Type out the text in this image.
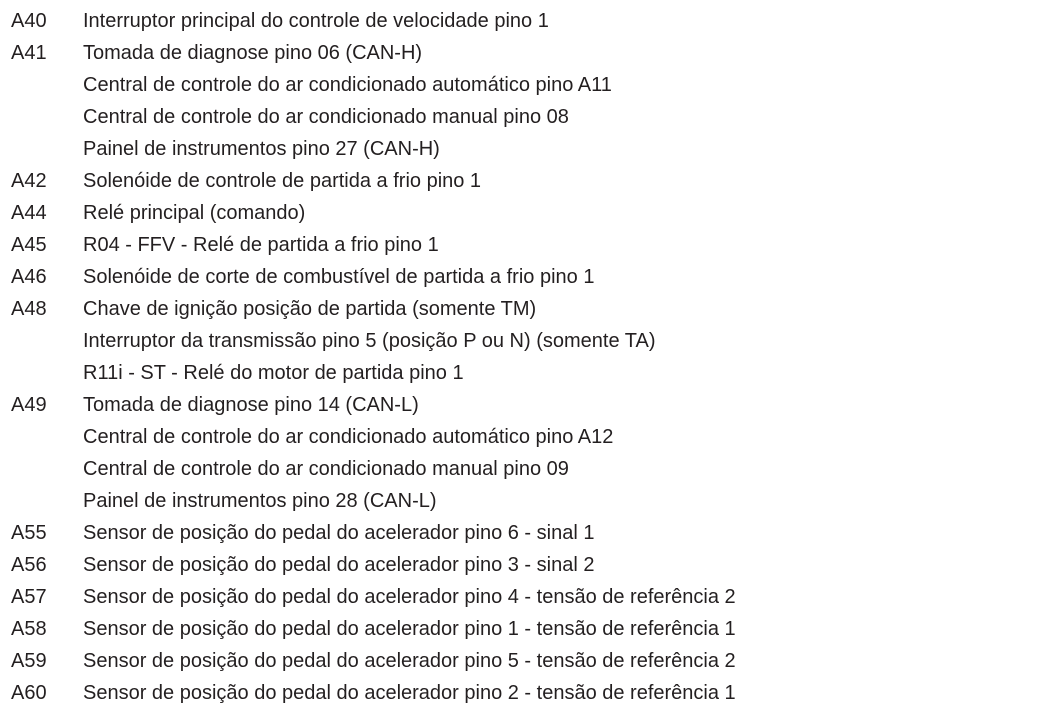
A40 Interruptor principal do controle de velocidade pino 1
A41 Tomada de diagnose pino 06 (CAN-H)
Central de controle do ar condicionado automático pino A11
Central de controle do ar condicionado manual pino 08
Painel de instrumentos pino 27 (CAN-H)
A42 Solenóide de controle de partida a frio pino 1
A44 Relé principal (comando)
A45 R04 - FFV - Relé de partida a frio pino 1
A46 Solenóide de corte de combustível de partida a frio pino 1
A48 Chave de ignição posição de partida (somente TM)
Interruptor da transmissão pino 5 (posição P ou N) (somente TA)
R11i - ST - Relé do motor de partida pino 1
A49 Tomada de diagnose pino 14 (CAN-L)
Central de controle do ar condicionado automático pino A12
Central de controle do ar condicionado manual pino 09
Painel de instrumentos pino 28 (CAN-L)
A55 Sensor de posição do pedal do acelerador pino 6 - sinal 1
A56 Sensor de posição do pedal do acelerador pino 3 - sinal 2
A57 Sensor de posição do pedal do acelerador pino 4 - tensão de referência 2
A58 Sensor de posição do pedal do acelerador pino 1 - tensão de referência 1
A59 Sensor de posição do pedal do acelerador pino 5 - tensão de referência 2
A60 Sensor de posição do pedal do acelerador pino 2 - tensão de referência 1
